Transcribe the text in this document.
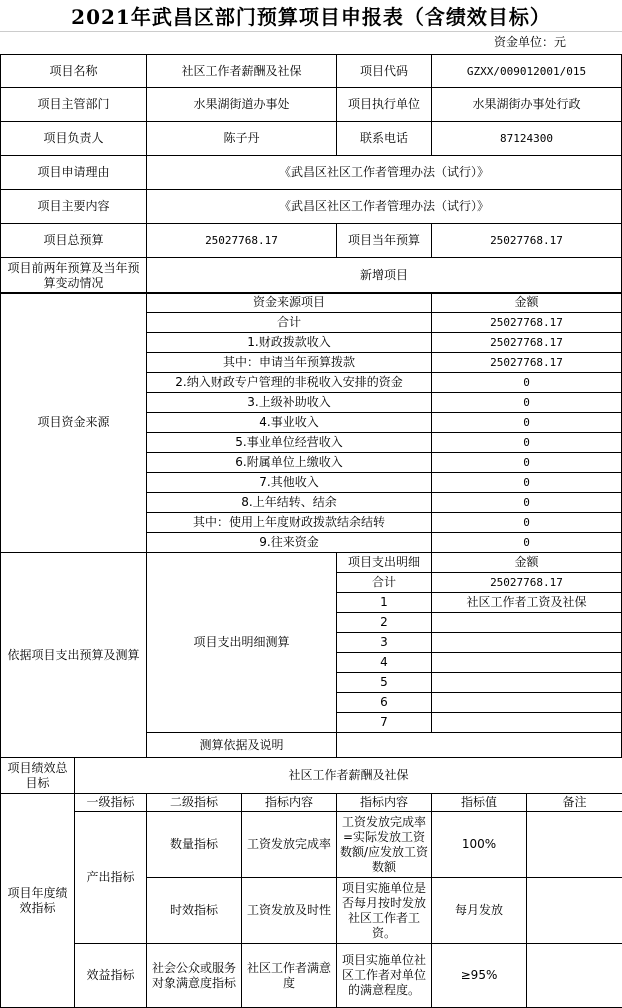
2021年武昌区部门预算项目申报表（含绩效目标）
资金单位：元
项目名称	社区工作者薪酬及社保	项目代码	GZXX/009012001/015
项目主管部门	水果湖街道办事处	项目执行单位	水果湖街办事处行政
项目负责人	陈子丹	联系电话	87124300
项目申请理由	《武昌区社区工作者管理办法（试行）》		
项目主要内容	《武昌区社区工作者管理办法（试行）》		
项目总预算	25027768.17	项目当年预算	25027768.17
项目前两年预算及当年预算变动情况	新增项目		
项目资金来源	资金来源项目	金额
	合计	25027768.17
	1.财政拨款收入	25027768.17
	其中：申请当年预算拨款	25027768.17
	2.纳入财政专户管理的非税收入安排的资金	0
	3.上级补助收入	0
	4.事业收入	0
	5.事业单位经营收入	0
	6.附属单位上缴收入	0
	7.其他收入	0
	8.上年结转、结余	0
	其中：使用上年度财政拨款结余结转	0
	9.往来资金	0
依据项目支出预算及测算	项目支出明细测算	项目支出明细	金额
		合计	25027768.17
		1	社区工作者工资及社保
		2	
		3	
		4	
		5	
		6	
		7	
	测算依据及说明		
项目绩效总目标	社区工作者薪酬及社保					
项目年度绩效指标	一级指标	二级指标	指标内容	指标内容	指标值	备注
	产出指标	数量指标	工资发放完成率	工资发放完成率=实际发放工资数额/应发放工资数额	100%	
		时效指标	工资发放及时性	项目实施单位是否每月按时发放社区工作者工资。	每月发放	
	效益指标	社会公众或服务对象满意度指标	社区工作者满意度	项目实施单位社区工作者对单位的满意程度。	≥95%	
